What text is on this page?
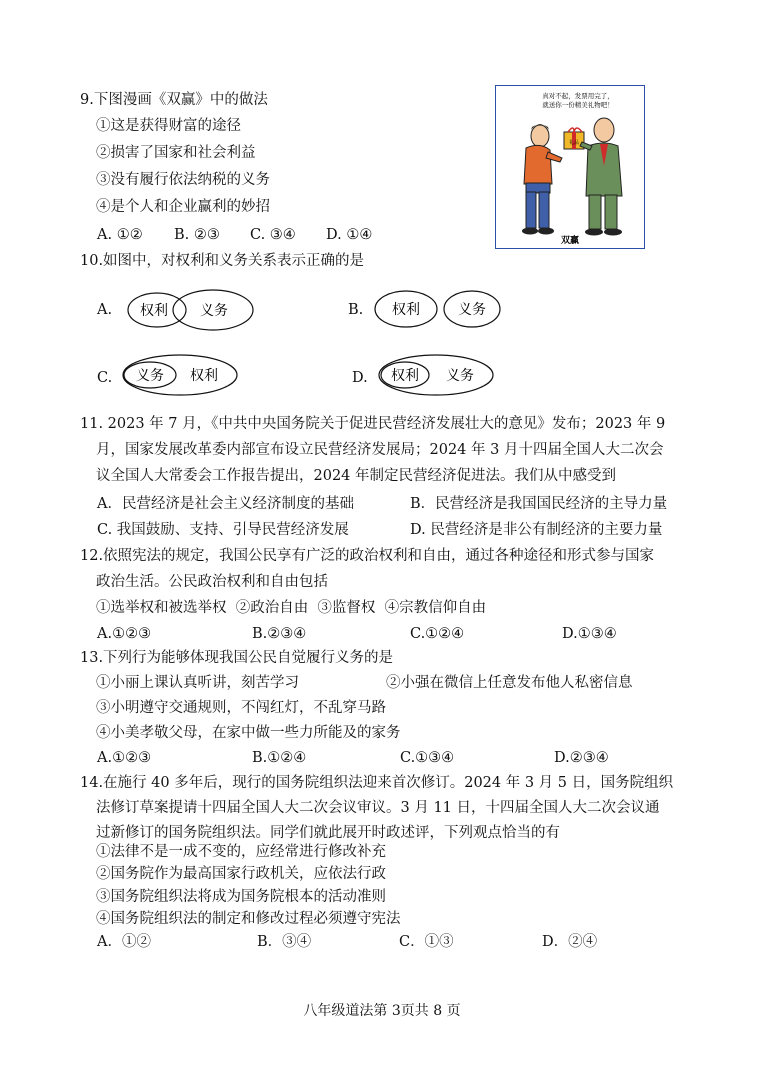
9.下图漫画《双赢》中的做法
①这是获得财富的途径
②损害了国家和社会利益
③没有履行依法纳税的义务
④是个人和企业赢利的妙招
A. ①② B. ②③ C. ③④ D. ①④
真对不起，发票用完了，
就送你一份精美礼物吧！
礼品
双赢
10.如图中，对权利和义务关系表示正确的是
A. 权利 义务	B. 权利	义务
C. 义务 权利	D. 权利 义务
11. 2023 年 7 月，《中共中央国务院关于促进民营经济发展壮大的意见》发布；2023 年 9
月，国家发展改革委内部宣布设立民营经济发展局；2024 年 3 月十四届全国人大二次会
议全国人大常委会工作报告提出，2024 年制定民营经济促进法。我们从中感受到
A．民营经济是社会主义经济制度的基础	B．民营经济是我国国民经济的主导力量
C. 我国鼓励、支持、引导民营经济发展	D. 民营经济是非公有制经济的主要力量
12.依照宪法的规定，我国公民享有广泛的政治权利和自由，通过各种途径和形式参与国家
政治生活。公民政治权利和自由包括
①选举权和被选举权  ②政治自由  ③监督权  ④宗教信仰自由
A.①②③	B.②③④	C.①②④	D.①③④
13.下列行为能够体现我国公民自觉履行义务的是
①小丽上课认真听讲，刻苦学习	②小强在微信上任意发布他人私密信息
③小明遵守交通规则，不闯红灯，不乱穿马路
④小美孝敬父母，在家中做一些力所能及的家务
A.①②③	B.①②④	C.①③④	D.②③④
14.在施行 40 多年后，现行的国务院组织法迎来首次修订。2024 年 3 月 5 日，国务院组织
法修订草案提请十四届全国人大二次会议审议。3 月 11 日，十四届全国人大二次会议通
过新修订的国务院组织法。同学们就此展开时政述评，下列观点恰当的有
①法律不是一成不变的，应经常进行修改补充
②国务院作为最高国家行政机关，应依法行政
③国务院组织法将成为国务院根本的活动准则
④国务院组织法的制定和修改过程必须遵守宪法
A．①②	B．③④	C．①③	D．②④
八年级道法第 3页共 8 页
